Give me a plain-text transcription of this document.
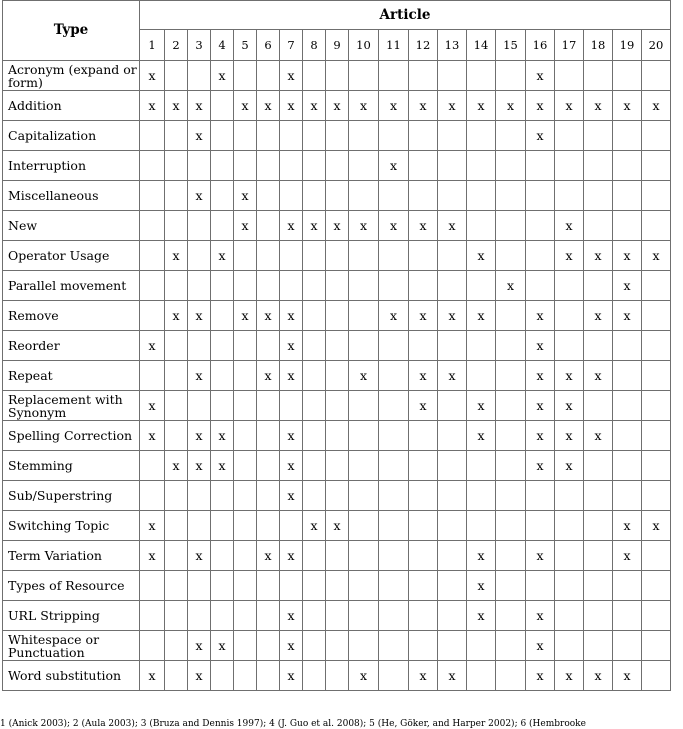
Type	Article																			
	1	2	3	4	5	6	7	8	9	10	11	12	13	14	15	16	17	18	19	20
Acronym (expand or form)	x			x			x									x				
Addition	x	x	x		x	x	x	x	x	x	x	x	x	x	x	x	x	x	x	x
Capitalization			x													x				
Interruption											x									
Miscellaneous			x		x															
New					x		x	x	x	x	x	x	x				x			
Operator Usage		x		x										x			x	x	x	x
Parallel movement															x				x	
Remove		x	x		x	x	x				x	x	x	x		x		x	x	
Reorder	x						x									x				
Repeat			x			x	x			x		x	x			x	x	x		
Replacement with Synonym	x											x		x		x	x			
Spelling Correction	x		x	x			x							x		x	x	x		
Stemming		x	x	x			x									x	x			
Sub/Superstring							x													
Switching Topic	x							x	x										x	x
Term Variation	x		x			x	x							x		x			x	
Types of Resource														x						
URL Stripping							x							x		x				
Whitespace or Punctuation			x	x			x									x				
Word substitution	x		x				x			x		x	x			x	x	x	x	
1 (Anick 2003); 2 (Aula 2003); 3 (Bruza and Dennis 1997); 4 (J. Guo et al. 2008); 5 (He, Göker, and Harper 2002); 6 (Hembrooke
